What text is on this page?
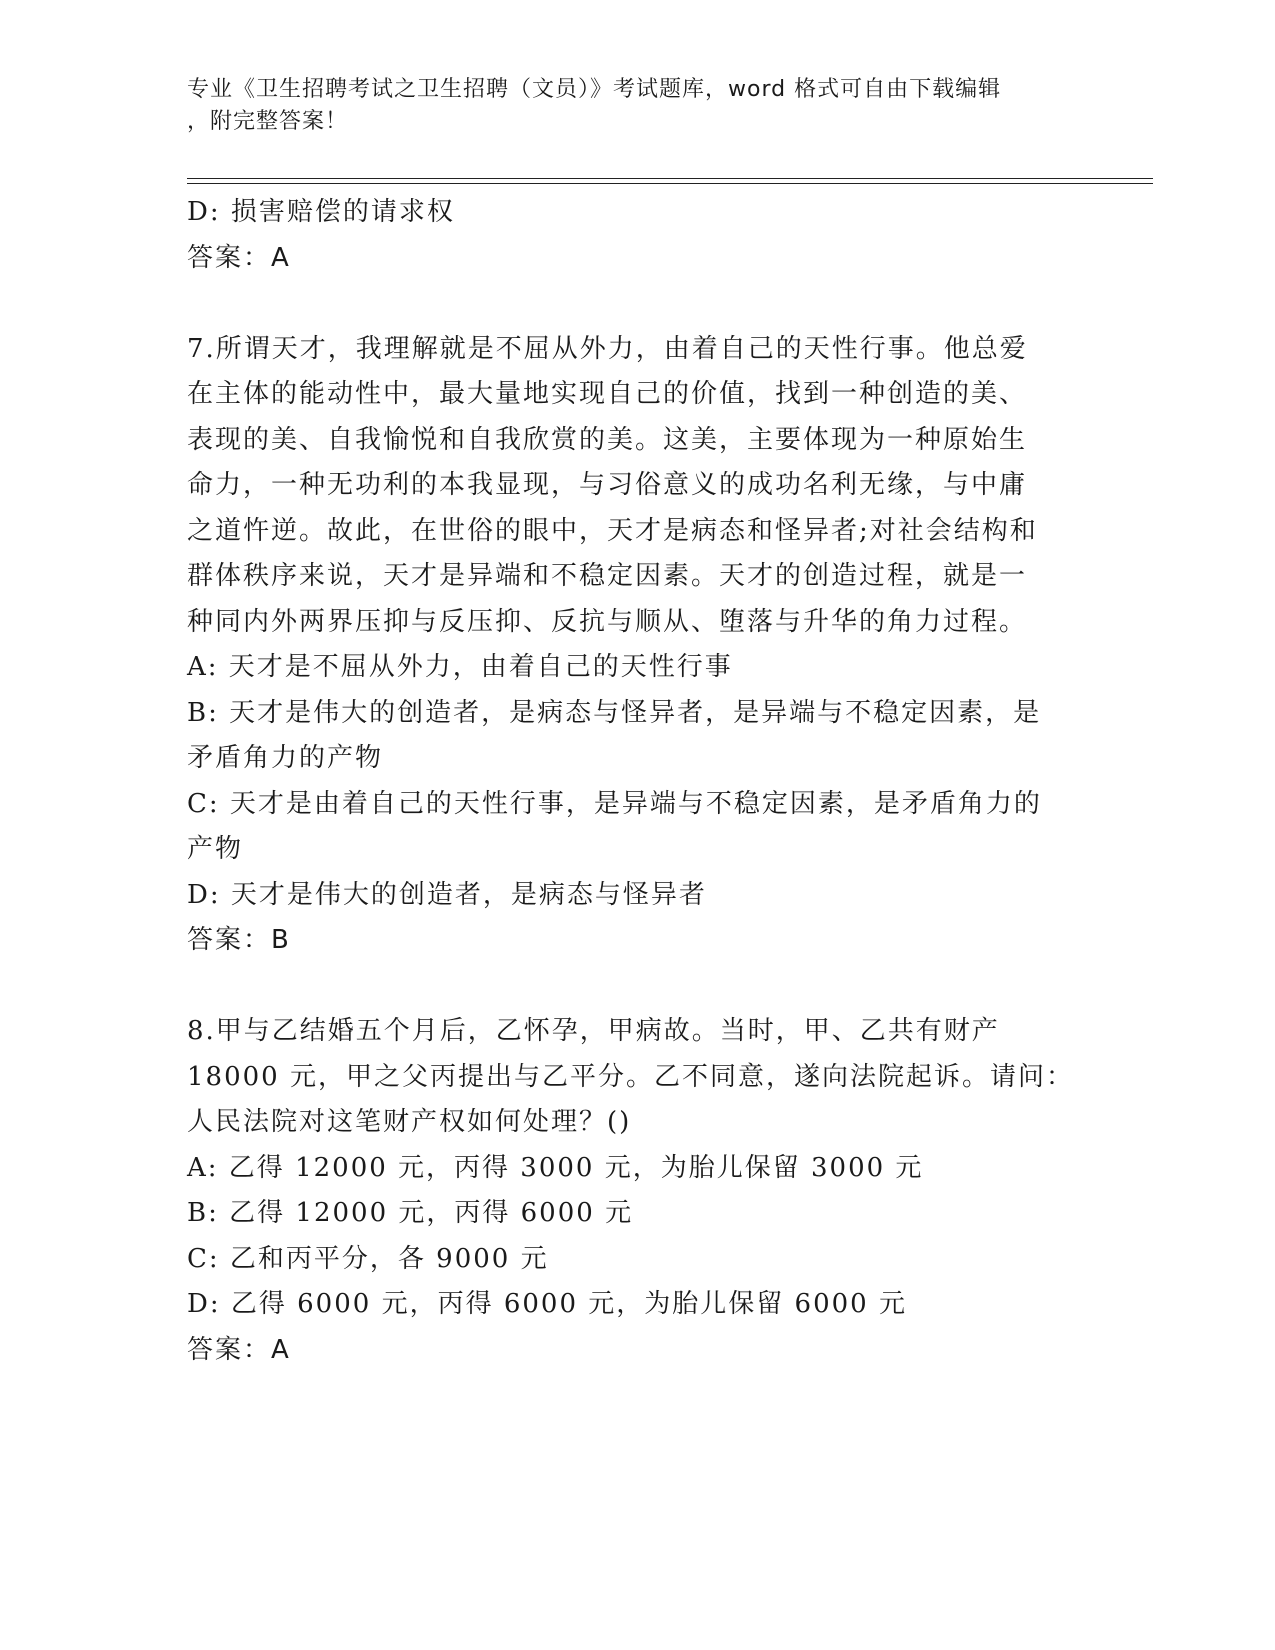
专业《卫生招聘考试之卫生招聘（文员）》考试题库，word 格式可自由下载编辑
，附完整答案！
D: 损害赔偿的请求权
答案：A
7.所谓天才，我理解就是不屈从外力，由着自己的天性行事。他总爱
在主体的能动性中，最大量地实现自己的价值，找到一种创造的美、
表现的美、自我愉悦和自我欣赏的美。这美，主要体现为一种原始生
命力，一种无功利的本我显现，与习俗意义的成功名利无缘，与中庸
之道忤逆。故此，在世俗的眼中，天才是病态和怪异者;对社会结构和
群体秩序来说，天才是异端和不稳定因素。天才的创造过程，就是一
种同内外两界压抑与反压抑、反抗与顺从、堕落与升华的角力过程。
A: 天才是不屈从外力，由着自己的天性行事
B: 天才是伟大的创造者，是病态与怪异者，是异端与不稳定因素，是
矛盾角力的产物
C: 天才是由着自己的天性行事，是异端与不稳定因素，是矛盾角力的
产物
D: 天才是伟大的创造者，是病态与怪异者
答案：B
8.甲与乙结婚五个月后，乙怀孕，甲病故。当时，甲、乙共有财产
18000 元，甲之父丙提出与乙平分。乙不同意，遂向法院起诉。请问：
人民法院对这笔财产权如何处理？()
A: 乙得 12000 元，丙得 3000 元，为胎儿保留 3000 元
B: 乙得 12000 元，丙得 6000 元
C: 乙和丙平分，各 9000 元
D: 乙得 6000 元，丙得 6000 元，为胎儿保留 6000 元
答案：A
